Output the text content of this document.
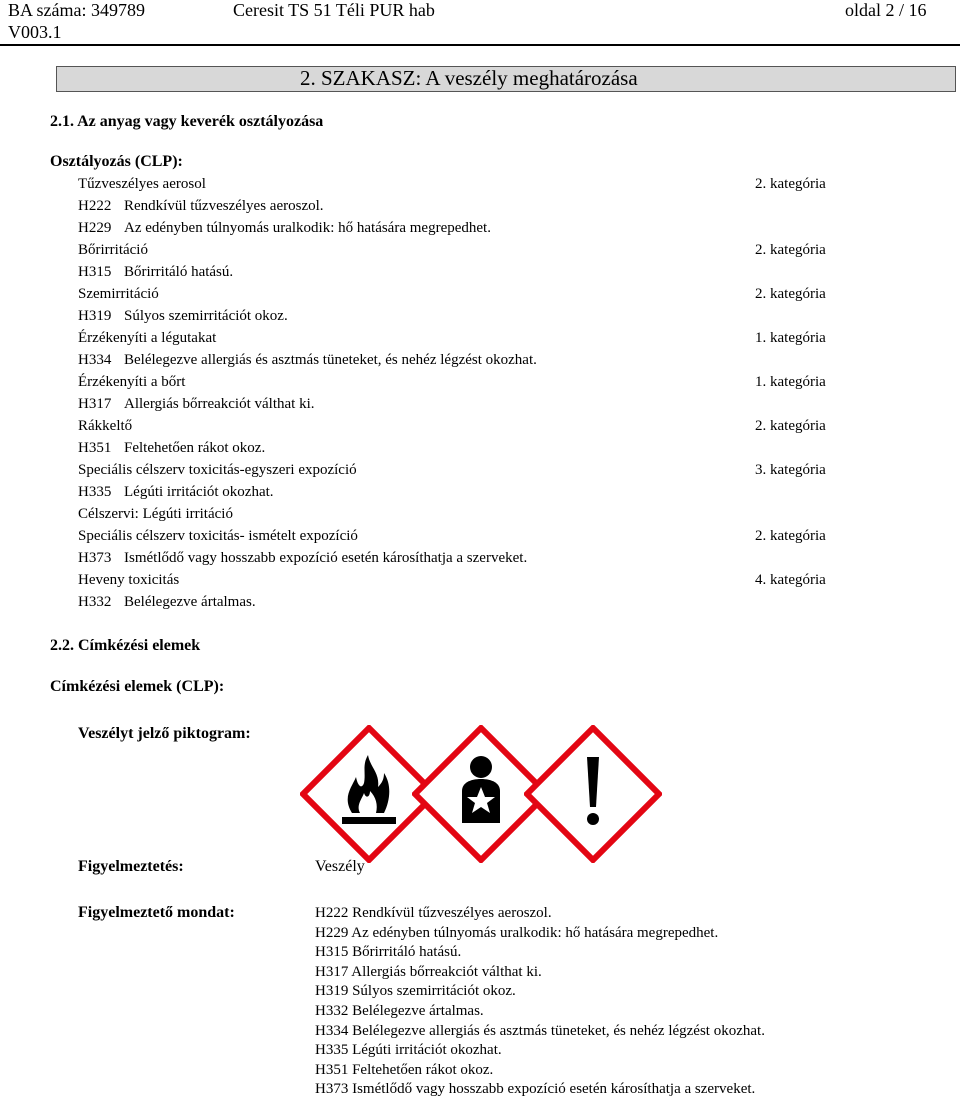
BA száma: 349789	Ceresit TS 51 Téli PUR hab	oldal 2 / 16
V003.1
2. SZAKASZ: A veszély meghatározása
2.1. Az anyag vagy keverék osztályozása
Osztályozás (CLP):
Tűzveszélyes aerosol	2. kategória
H222 Rendkívül tűzveszélyes aeroszol.
H229 Az edényben túlnyomás uralkodik: hő hatására megrepedhet.
Bőrirritáció	2. kategória
H315 Bőrirritáló hatású.
Szemirritáció	2. kategória
H319 Súlyos szemirritációt okoz.
Érzékenyíti a légutakat	1. kategória
H334 Belélegezve allergiás és asztmás tüneteket, és nehéz légzést okozhat.
Érzékenyíti a bőrt	1. kategória
H317 Allergiás bőrreakciót válthat ki.
Rákkeltő	2. kategória
H351 Feltehetően rákot okoz.
Speciális célszerv toxicitás-egyszeri expozíció	3. kategória
H335 Légúti irritációt okozhat.
Célszervi: Légúti irritáció
Speciális célszerv toxicitás- ismételt expozíció	2. kategória
H373 Ismétlődő vagy hosszabb expozíció esetén károsíthatja a szerveket.
Heveny toxicitás	4. kategória
H332 Belélegezve ártalmas.
2.2. Címkézési elemek
Címkézési elemek (CLP):
Veszélyt jelző piktogram:
Figyelmeztetés:	Veszély
Figyelmeztető mondat:	H222 Rendkívül tűzveszélyes aeroszol.
H229 Az edényben túlnyomás uralkodik: hő hatására megrepedhet.
H315 Bőrirritáló hatású.
H317 Allergiás bőrreakciót válthat ki.
H319 Súlyos szemirritációt okoz.
H332 Belélegezve ártalmas.
H334 Belélegezve allergiás és asztmás tüneteket, és nehéz légzést okozhat.
H335 Légúti irritációt okozhat.
H351 Feltehetően rákot okoz.
H373 Ismétlődő vagy hosszabb expozíció esetén károsíthatja a szerveket.
